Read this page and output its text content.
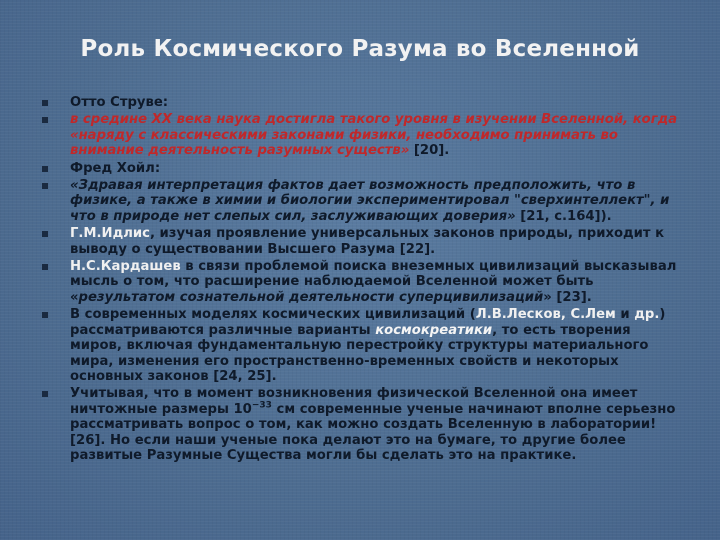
Роль Космического Разума во Вселенной
Отто Струве:
в средине XX века наука достигла такого уровня в изучении Вселенной, когда «наряду с классическими законами физики, необходимо принимать во внимание деятельность разумных существ» [20].
Фред Хойл:
«Здравая интерпретация фактов дает возможность предположить, что в физике, а также в химии и биологии экспериментировал "сверхинтеллект", и что в природе нет слепых сил, заслуживающих доверия» [21, с.164]).
Г.М.Идлис, изучая проявление универсальных законов природы, приходит к выводу о существовании Высшего Разума [22].
Н.С.Кардашев в связи проблемой поиска внеземных цивилизаций высказывал мысль о том, что расширение наблюдаемой Вселенной может быть «результатом сознательной деятельности суперцивилизаций» [23].
В современных моделях космических цивилизаций (Л.В.Лесков, С.Лем и др.) рассматриваются различные варианты космокреатики, то есть творения миров, включая фундаментальную перестройку структуры материального мира, изменения его пространственно-временных свойств и некоторых основных законов [24, 25].
Учитывая, что в момент возникновения физической Вселенной она имеет ничтожные размеры $10^{-33}$ см современные ученые начинают вполне серьезно рассматривать вопрос о том, как можно создать Вселенную в лаборатории! [26]. Но если наши ученые пока делают это на бумаге, то другие более развитые Разумные Существа могли бы сделать это на практике.
